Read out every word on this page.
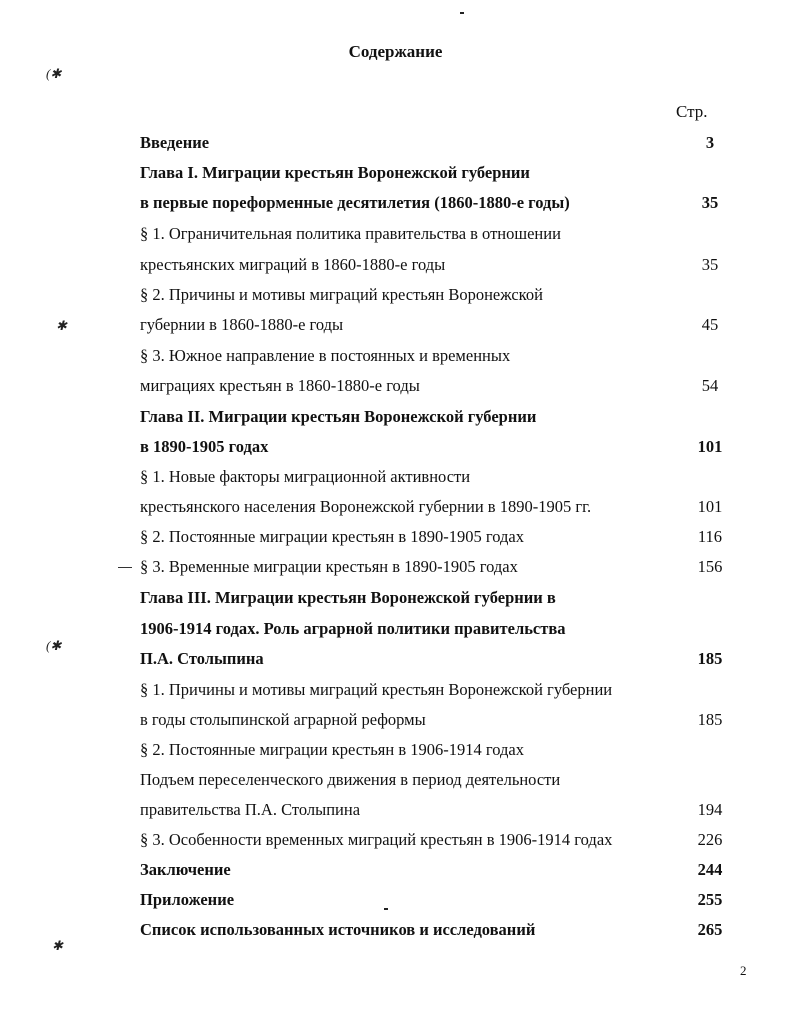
Содержание
Стр.
Введение	3
Глава I. Миграции крестьян Воронежской губернии
в первые пореформенные десятилетия (1860-1880-е годы)	35
§ 1. Ограничительная политика правительства в отношении
крестьянских миграций в 1860-1880-е годы	35
§ 2. Причины и мотивы миграций крестьян Воронежской
губернии в 1860-1880-е годы	45
§ 3. Южное направление в постоянных и временных
миграциях крестьян в 1860-1880-е годы	54
Глава II. Миграции крестьян Воронежской губернии
в 1890-1905 годах	101
§ 1. Новые факторы миграционной активности
крестьянского населения Воронежской губернии в 1890-1905 гг.	101
§ 2. Постоянные миграции крестьян в 1890-1905 годах	116
§ 3. Временные миграции крестьян в 1890-1905 годах	156
Глава III. Миграции крестьян Воронежской губернии в
1906-1914 годах. Роль аграрной политики правительства
П.А. Столыпина	185
§ 1. Причины и мотивы миграций крестьян Воронежской губернии
в годы столыпинской аграрной реформы	185
§ 2. Постоянные миграции крестьян в 1906-1914 годах
Подъем переселенческого движения в период деятельности
правительства П.А. Столыпина	194
§ 3. Особенности временных миграций крестьян в 1906-1914 годах	226
Заключение	244
Приложение	255
Список использованных источников и исследований	265
2
(✱
✱
(✱
✱
